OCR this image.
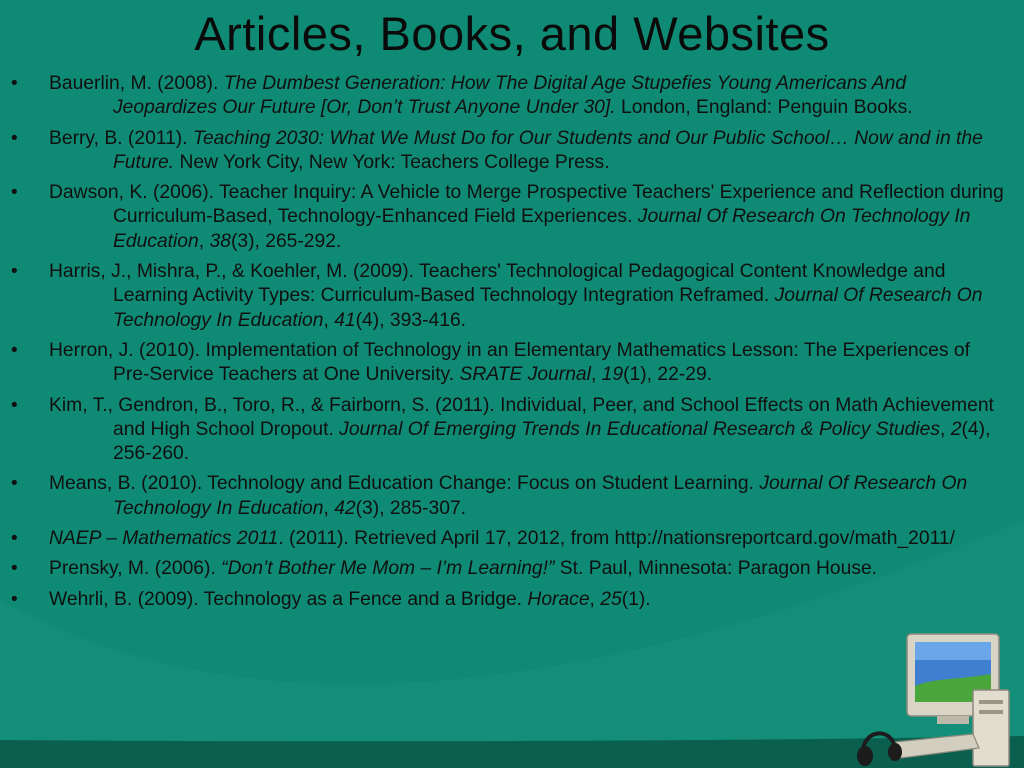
Articles, Books, and Websites
• Bauerlin, M. (2008). The Dumbest Generation: How The Digital Age Stupefies Young Americans And Jeopardizes Our Future [Or, Don’t Trust Anyone Under 30]. London, England: Penguin Books.
• Berry, B. (2011). Teaching 2030: What We Must Do for Our Students and Our Public School… Now and in the Future. New York City, New York: Teachers College Press.
• Dawson, K. (2006). Teacher Inquiry: A Vehicle to Merge Prospective Teachers' Experience and Reflection during Curriculum-Based, Technology-Enhanced Field Experiences. Journal Of Research On Technology In Education, 38(3), 265-292.
• Harris, J., Mishra, P., & Koehler, M. (2009). Teachers' Technological Pedagogical Content Knowledge and Learning Activity Types: Curriculum-Based Technology Integration Reframed. Journal Of Research On Technology In Education, 41(4), 393-416.
• Herron, J. (2010). Implementation of Technology in an Elementary Mathematics Lesson: The Experiences of Pre-Service Teachers at One University. SRATE Journal, 19(1), 22-29.
• Kim, T., Gendron, B., Toro, R., & Fairborn, S. (2011). Individual, Peer, and School Effects on Math Achievement and High School Dropout. Journal Of Emerging Trends In Educational Research & Policy Studies, 2(4), 256-260.
• Means, B. (2010). Technology and Education Change: Focus on Student Learning. Journal Of Research On Technology In Education, 42(3), 285-307.
• NAEP – Mathematics 2011. (2011). Retrieved April 17, 2012, from http://nationsreportcard.gov/math_2011/
• Prensky, M. (2006). “Don’t Bother Me Mom – I’m Learning!” St. Paul, Minnesota: Paragon House.
• Wehrli, B. (2009). Technology as a Fence and a Bridge. Horace, 25(1).
